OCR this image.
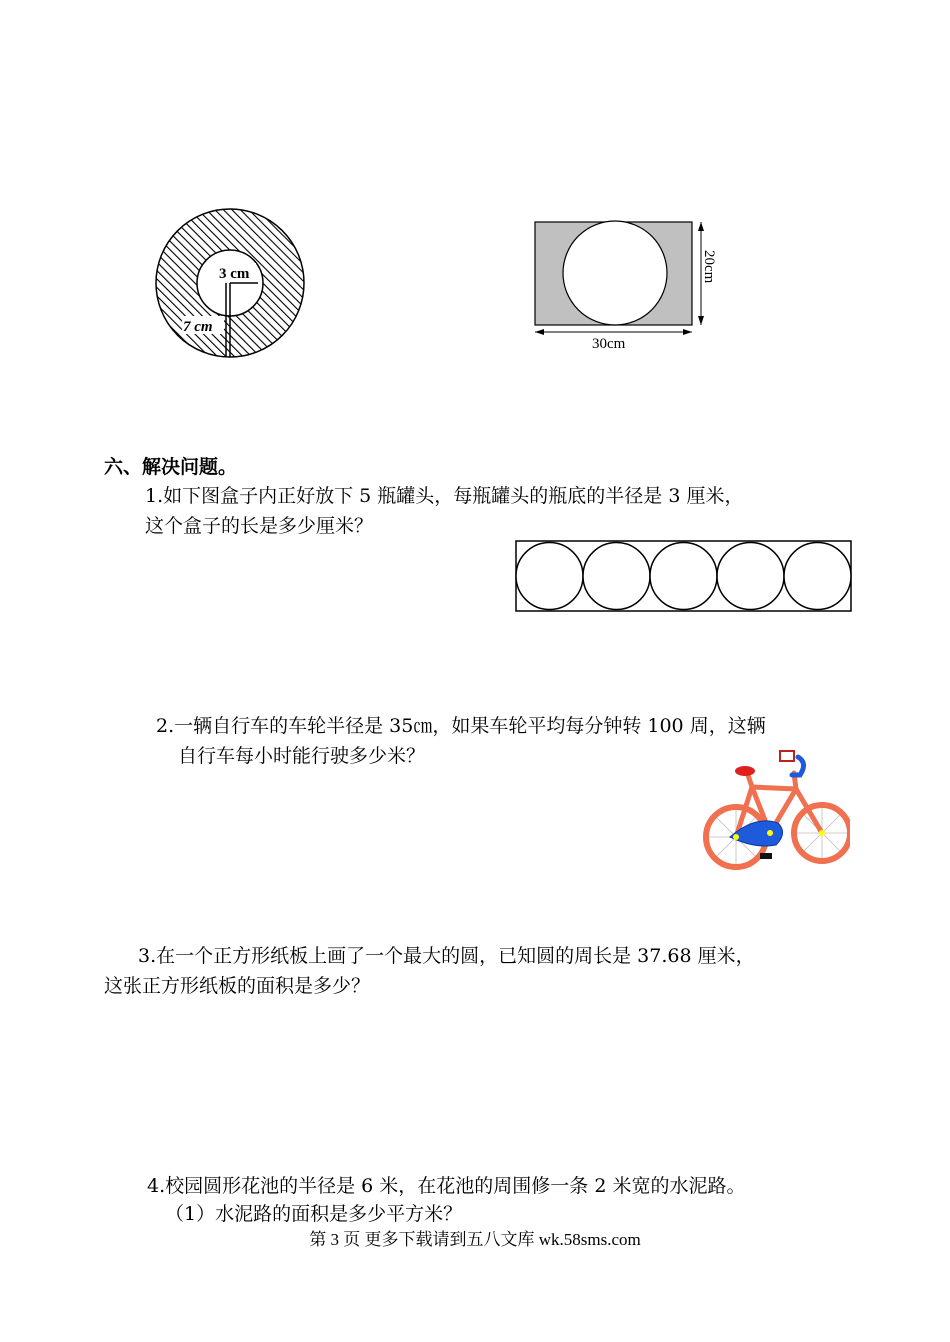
3 cm
7 cm
30cm
20cm
六、解决问题。
1.如下图盒子内正好放下 5 瓶罐头，每瓶罐头的瓶底的半径是 3 厘米，
这个盒子的长是多少厘米？
2.一辆自行车的车轮半径是 35㎝，如果车轮平均每分钟转 100 周，这辆
自行车每小时能行驶多少米？
3.在一个正方形纸板上画了一个最大的圆，已知圆的周长是 37.68 厘米，
这张正方形纸板的面积是多少？
4.校园圆形花池的半径是 6 米，在花池的周围修一条 2 米宽的水泥路。
（1）水泥路的面积是多少平方米？
第 3 页 更多下载请到五八文库 wk.58sms.com
